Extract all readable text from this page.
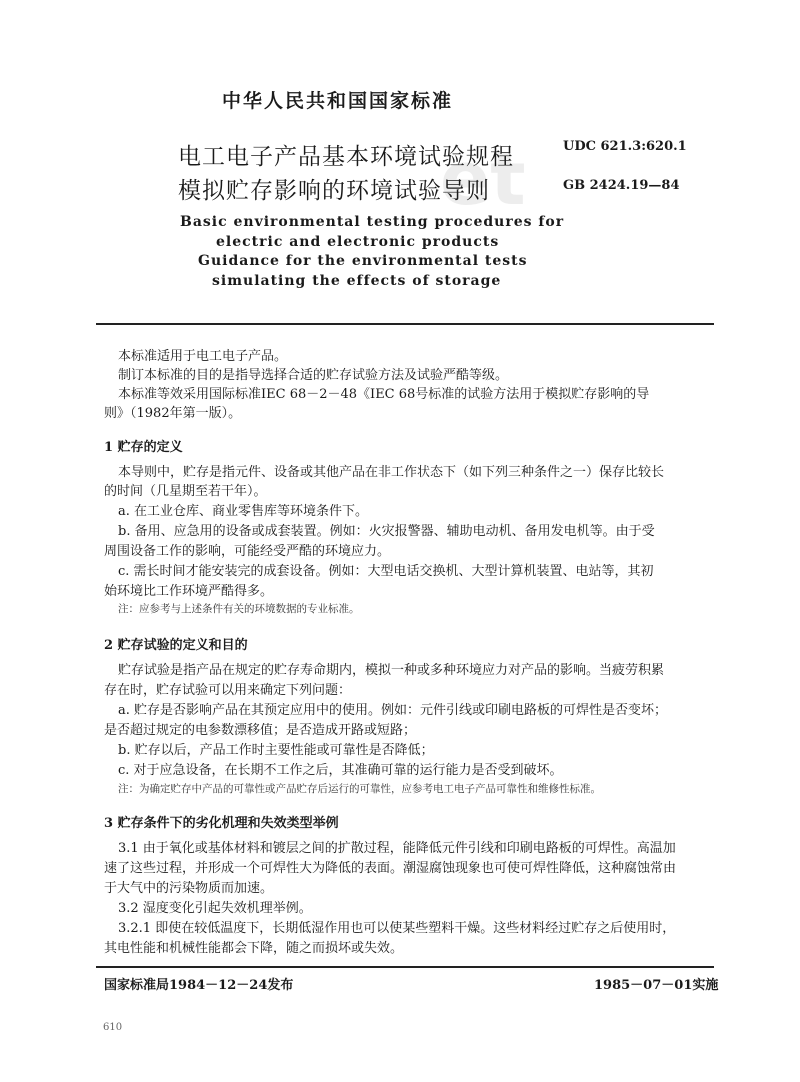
et
中华人民共和国国家标准
电工电子产品基本环境试验规程
模拟贮存影响的环境试验导则
UDC 621.3:620.1
GB 2424.19—84
Basic environmental testing procedures for
electric and electronic products
Guidance for the environmental tests
simulating the effects of storage
本标准适用于电工电子产品。
制订本标准的目的是指导选择合适的贮存试验方法及试验严酷等级。
本标准等效采用国际标准IEC 68－2－48《IEC 68号标准的试验方法用于模拟贮存影响的导
则》（1982年第一版）。
1 贮存的定义
本导则中，贮存是指元件、设备或其他产品在非工作状态下（如下列三种条件之一）保存比较长
的时间（几星期至若干年）。
a. 在工业仓库、商业零售库等环境条件下。
b. 备用、应急用的设备或成套装置。例如：火灾报警器、辅助电动机、备用发电机等。由于受
周围设备工作的影响，可能经受严酷的环境应力。
c. 需长时间才能安装完的成套设备。例如：大型电话交换机、大型计算机装置、电站等，其初
始环境比工作环境严酷得多。
注：应参考与上述条件有关的环境数据的专业标准。
2 贮存试验的定义和目的
贮存试验是指产品在规定的贮存寿命期内，模拟一种或多种环境应力对产品的影响。当疲劳积累
存在时，贮存试验可以用来确定下列问题：
a. 贮存是否影响产品在其预定应用中的使用。例如：元件引线或印刷电路板的可焊性是否变坏；
是否超过规定的电参数漂移值；是否造成开路或短路；
b. 贮存以后，产品工作时主要性能或可靠性是否降低；
c. 对于应急设备，在长期不工作之后，其准确可靠的运行能力是否受到破坏。
注：为确定贮存中产品的可靠性或产品贮存后运行的可靠性，应参考电工电子产品可靠性和维修性标准。
3 贮存条件下的劣化机理和失效类型举例
3.1 由于氧化或基体材料和镀层之间的扩散过程，能降低元件引线和印刷电路板的可焊性。高温加
速了这些过程，并形成一个可焊性大为降低的表面。潮湿腐蚀现象也可使可焊性降低，这种腐蚀常由
于大气中的污染物质而加速。
3.2 湿度变化引起失效机理举例。
3.2.1 即使在较低温度下，长期低湿作用也可以使某些塑料干燥。这些材料经过贮存之后使用时，
其电性能和机械性能都会下降，随之而损坏或失效。
国家标准局1984－12－24发布	1985－07－01实施
610
